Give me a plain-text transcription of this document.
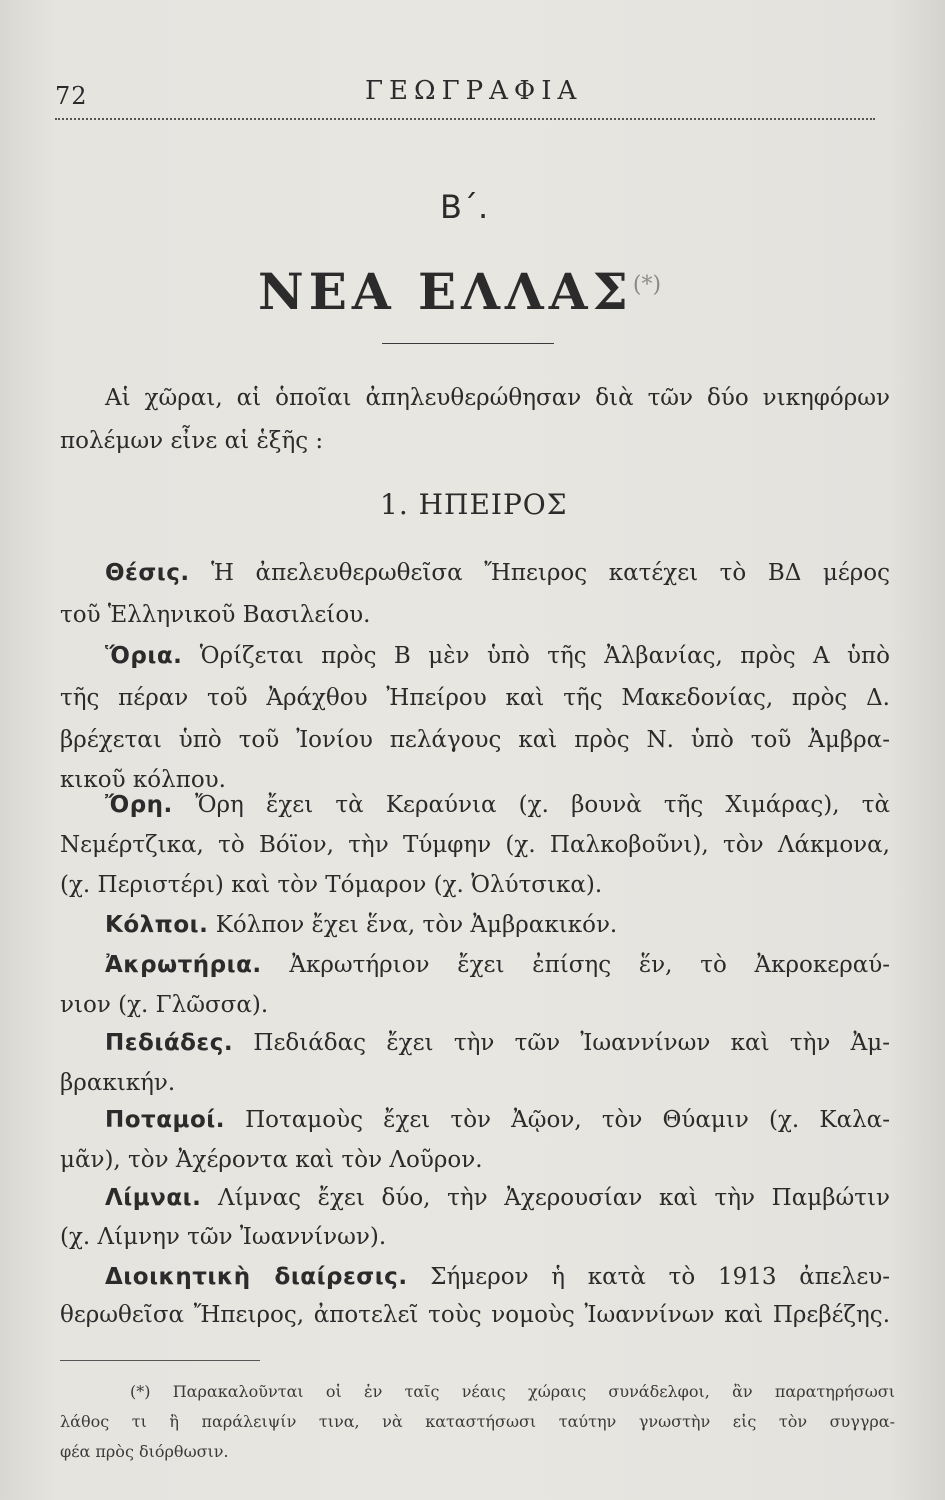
72	ΓΕΩΓΡΑΦΙΑ
Β΄.
ΝΕΑ ΕΛΛΑΣ(*)
Αἱ χῶραι, αἱ ὁποῖαι ἀπηλευθερώθησαν διὰ τῶν δύο νικηφόρων
πολέμων εἶνε αἱ ἑξῆς :
1. ΗΠΕΙΡΟΣ
Θέσις. Ἡ ἀπελευθερωθεῖσα Ἤπειρος κατέχει τὸ ΒΔ μέρος
τοῦ Ἑλληνικοῦ Βασιλείου.
Ὅρια. Ὁρίζεται πρὸς Β μὲν ὑπὸ τῆς Ἀλβανίας, πρὸς Α ὑπὸ
τῆς πέραν τοῦ Ἀράχθου Ἠπείρου καὶ τῆς Μακεδονίας, πρὸς Δ.
βρέχεται ὑπὸ τοῦ Ἰονίου πελάγους καὶ πρὸς Ν. ὑπὸ τοῦ Ἀμβρα-
κικοῦ κόλπου.
Ὄρη. Ὄρη ἔχει τὰ Κεραύνια (χ. βουνὰ τῆς Χιμάρας), τὰ
Νεμέρτζικα, τὸ Βόϊον, τὴν Τύμφην (χ. Παλκοβοῦνι), τὸν Λάκμονα,
(χ. Περιστέρι) καὶ τὸν Τόμαρον (χ. Ὀλύτσικα).
Κόλποι. Κόλπον ἔχει ἕνα, τὸν Ἀμβρακικόν.
Ἀκρωτήρια. Ἀκρωτήριον ἔχει ἐπίσης ἕν, τὸ Ἀκροκεραύ-
νιον (χ. Γλῶσσα).
Πεδιάδες. Πεδιάδας ἔχει τὴν τῶν Ἰωαννίνων καὶ τὴν Ἀμ-
βρακικήν.
Ποταμοί. Ποταμοὺς ἔχει τὸν Ἀῷον, τὸν Θύαμιν (χ. Καλα-
μᾶν), τὸν Ἀχέροντα καὶ τὸν Λοῦρον.
Λίμναι. Λίμνας ἔχει δύο, τὴν Ἀχερουσίαν καὶ τὴν Παμβώτιν
(χ. Λίμνην τῶν Ἰωαννίνων).
Διοικητικὴ διαίρεσις. Σήμερον ἡ κατὰ τὸ 1913 ἀπελευ-
θερωθεῖσα Ἤπειρος, ἀποτελεῖ τοὺς νομοὺς Ἰωαννίνων καὶ Πρεβέζης.
(*) Παρακαλοῦνται οἱ ἐν ταῖς νέαις χώραις συνάδελφοι, ἂν παρατηρήσωσι
λάθος τι ἢ παράλειψίν τινα, νὰ καταστήσωσι ταύτην γνωστὴν εἰς τὸν συγγρα-
φέα πρὸς διόρθωσιν.
